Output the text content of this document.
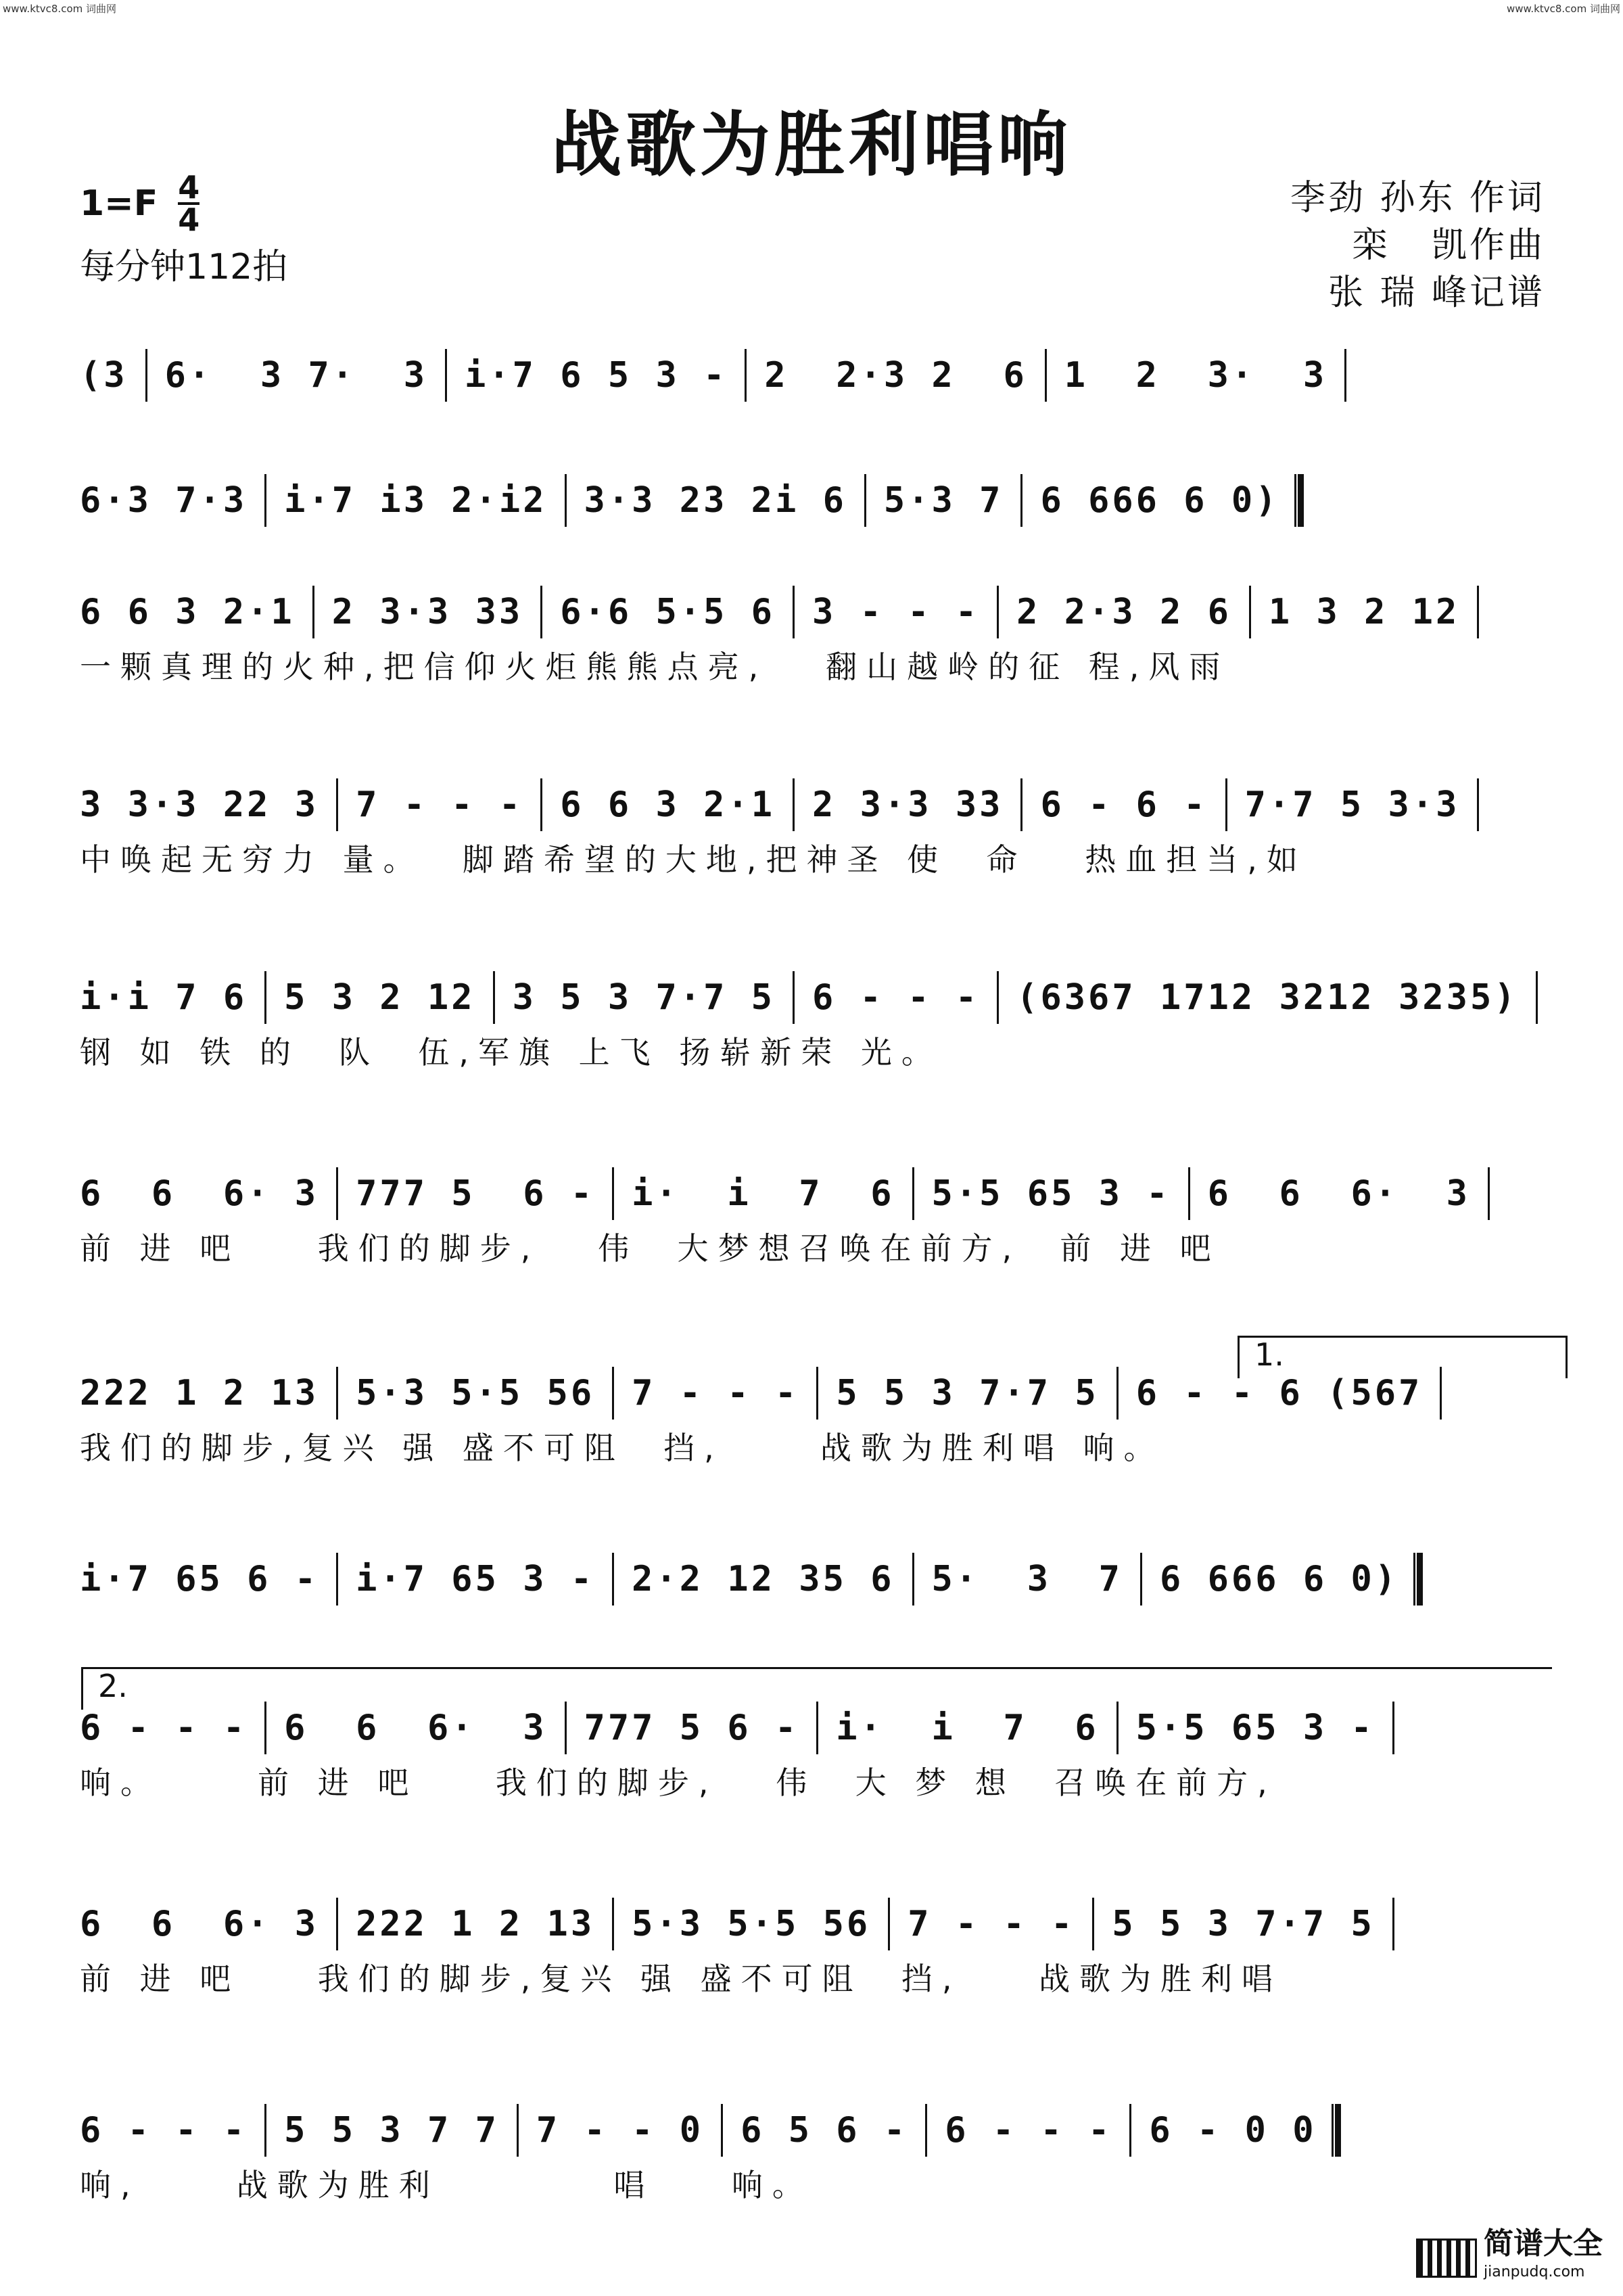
www.ktvc8.com 词曲网	www.ktvc8.com 词曲网
战歌为胜利唱响
1=F 4
4
每分钟112拍
李劲 孙东 作词
栾   凯作曲
张 瑞 峰记谱
(3 6·  3 7·  3 i·7 6 5 3 - 2  2·3 2  6 1  2  3·  3
6·3 7·3 i·7 i3 2·i2 3·3 23 2i 6 5·3 7 6 666 6 0)
6 6 3 2·1 2 3·3 33 6·6 5·5 6 3 - - - 2 2·3 2 6 1 3 2 12
一颗真理的火种,把信仰火炬熊熊点亮,   翻山越岭的征 程,风雨
3 3·3 22 3 7 - - - 6 6 3 2·1 2 3·3 33 6 - 6 - 7·7 5 3·3
中唤起无穷力 量。  脚踏希望的大地,把神圣 使  命   热血担当,如
i·i 7 6 5 3 2 12 3 5 3 7·7 5 6 - - - (6367 1712 3212 3235)
钢 如 铁 的  队  伍,军旗 上飞 扬崭新荣 光。
6  6  6· 3 777 5  6 - i·  i  7  6 5·5 65 3 - 6  6  6·  3
前 进 吧    我们的脚步,   伟  大梦想召唤在前方,  前 进 吧
222 1 2 13 5·3 5·5 56 7 - - - 5 5 3 7·7 5 6 - - 6 (567
我们的脚步,复兴 强 盛不可阻  挡,     战歌为胜利唱 响。
i·7 65 6 - i·7 65 3 - 2·2 12 35 6 5·  3  7 6 666 6 0)
6 - - - 6  6  6·  3 777 5 6 - i·  i  7  6 5·5 65 3 -
响。     前 进 吧    我们的脚步,   伟  大 梦 想  召唤在前方,
6  6  6· 3 222 1 2 13 5·3 5·5 56 7 - - - 5 5 3 7·7 5
前 进 吧    我们的脚步,复兴 强 盛不可阻  挡,    战歌为胜利唱
6 - - - 5 5 3 7 7 7 - - 0 6 5 6 - 6 - - - 6 - 0 0
响,     战歌为胜利         唱    响。
1.
2.
简谱大全
jianpudq.com
